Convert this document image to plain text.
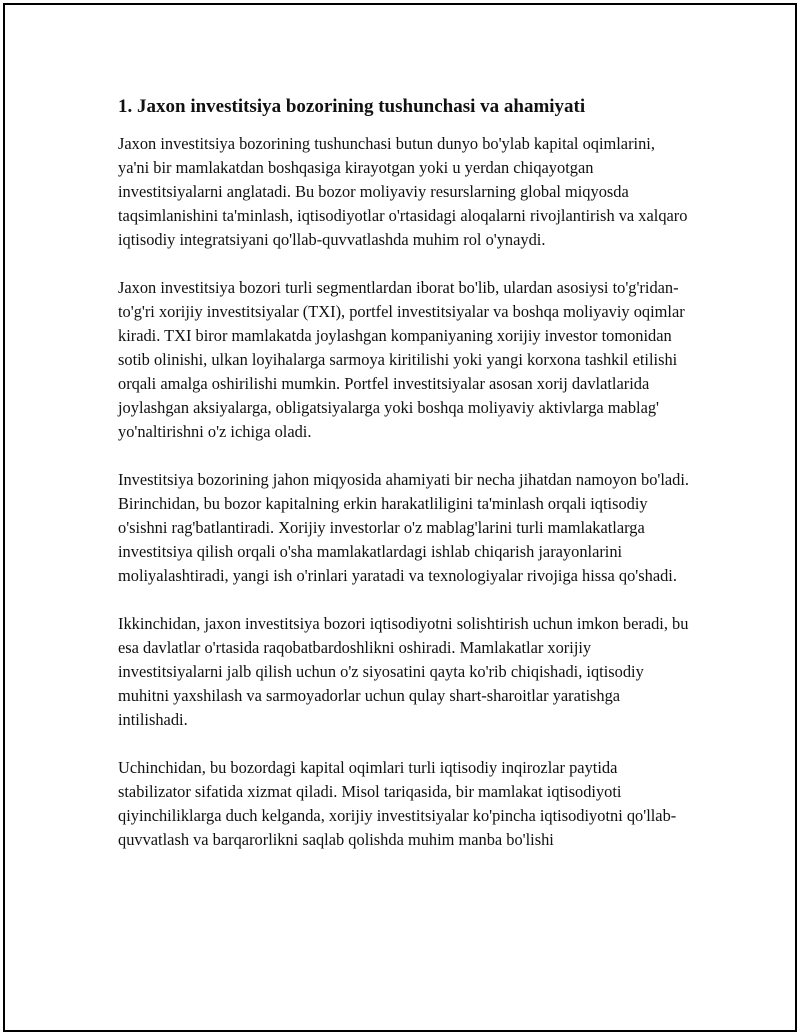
1. Jaxon investitsiya bozorining tushunchasi va ahamiyati

Jaxon investitsiya bozorining tushunchasi butun dunyo bo'ylab kapital oqimlarini, ya'ni bir mamlakatdan boshqasiga kirayotgan yoki u yerdan chiqayotgan investitsiyalarni anglatadi. Bu bozor moliyaviy resurslarning global miqyosda taqsimlanishini ta'minlash, iqtisodiyotlar o'rtasidagi aloqalarni rivojlantirish va xalqaro iqtisodiy integratsiyani qo'llab-quvvatlashda muhim rol o'ynaydi.

Jaxon investitsiya bozori turli segmentlardan iborat bo'lib, ulardan asosiysi to'g'ridan-to'g'ri xorijiy investitsiyalar (TXI), portfel investitsiyalar va boshqa moliyaviy oqimlar kiradi. TXI biror mamlakatda joylashgan kompaniyaning xorijiy investor tomonidan sotib olinishi, ulkan loyihalarga sarmoya kiritilishi yoki yangi korxona tashkil etilishi orqali amalga oshirilishi mumkin. Portfel investitsiyalar asosan xorij davlatlarida joylashgan aksiyalarga, obligatsiyalarga yoki boshqa moliyaviy aktivlarga mablag' yo'naltirishni o'z ichiga oladi.

Investitsiya bozorining jahon miqyosida ahamiyati bir necha jihatdan namoyon bo'ladi. Birinchidan, bu bozor kapitalning erkin harakatliligini ta'minlash orqali iqtisodiy o'sishni rag'batlantiradi. Xorijiy investorlar o'z mablag'larini turli mamlakatlarga investitsiya qilish orqali o'sha mamlakatlardagi ishlab chiqarish jarayonlarini moliyalashtiradi, yangi ish o'rinlari yaratadi va texnologiyalar rivojiga hissa qo'shadi.

Ikkinchidan, jaxon investitsiya bozori iqtisodiyotni solishtirish uchun imkon beradi, bu esa davlatlar o'rtasida raqobatbardoshlikni oshiradi. Mamlakatlar xorijiy investitsiyalarni jalb qilish uchun o'z siyosatini qayta ko'rib chiqishadi, iqtisodiy muhitni yaxshilash va sarmoyadorlar uchun qulay shart-sharoitlar yaratishga intilishadi.

Uchinchidan, bu bozordagi kapital oqimlari turli iqtisodiy inqirozlar paytida stabilizator sifatida xizmat qiladi. Misol tariqasida, bir mamlakat iqtisodiyoti qiyinchiliklarga duch kelganda, xorijiy investitsiyalar ko'pincha iqtisodiyotni qo'llab-quvvatlash va barqarorlikni saqlab qolishda muhim manba bo'lishi
